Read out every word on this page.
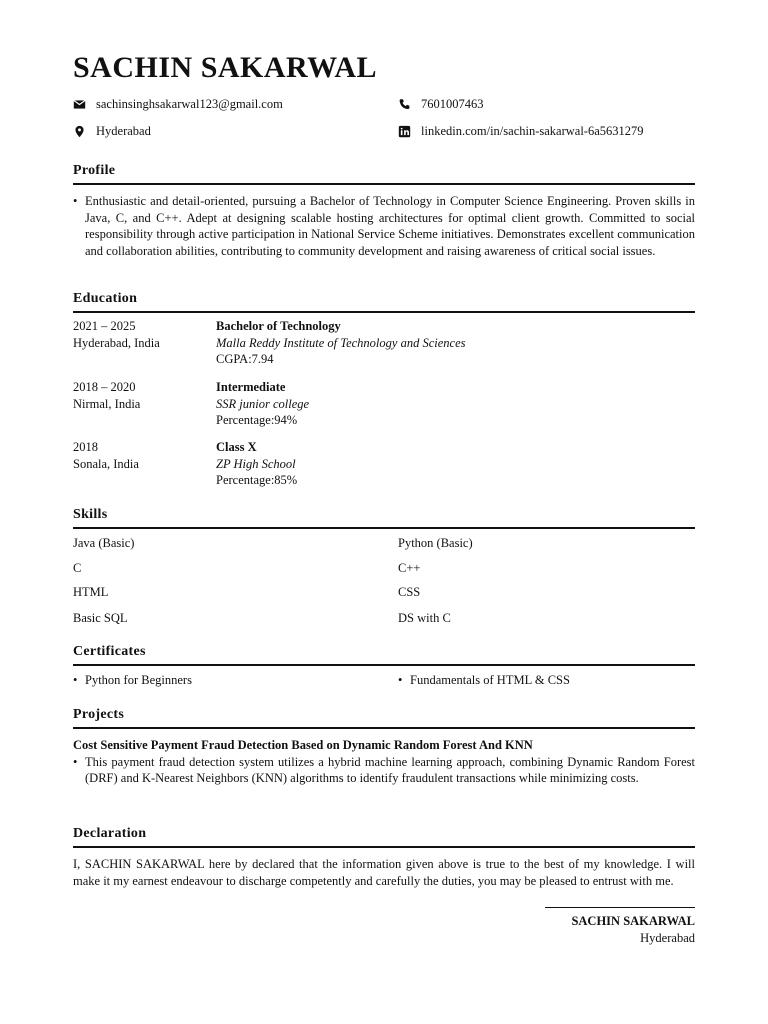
SACHIN SAKARWAL
sachinsinghsakarwal123@gmail.com	7601007463
Hyderabad	linkedin.com/in/sachin-sakarwal-6a5631279
Profile
• Enthusiastic and detail-oriented, pursuing a Bachelor of Technology in Computer Science Engineering. Proven skills in Java, C, and C++. Adept at designing scalable hosting architectures for optimal client growth. Committed to social responsibility through active participation in National Service Scheme initiatives. Demonstrates excellent communication and collaboration abilities, contributing to community development and raising awareness of critical social issues.
Education
2021 – 2025
Hyderabad, India
Bachelor of Technology
Malla Reddy Institute of Technology and Sciences
CGPA:7.94
2018 – 2020
Nirmal, India
Intermediate
SSR junior college
Percentage:94%
2018
Sonala, India
Class X
ZP High School
Percentage:85%
Skills
Java (Basic)	Python (Basic)
C	C++
HTML	CSS
Basic SQL	DS with C
Certificates
• Python for Beginners
•	Fundamentals of HTML & CSS
Projects
Cost Sensitive Payment Fraud Detection Based on Dynamic Random Forest And KNN
• This payment fraud detection system utilizes a hybrid machine learning approach, combining Dynamic Random Forest (DRF) and K-Nearest Neighbors (KNN) algorithms to identify fraudulent transactions while minimizing costs.
Declaration
I, SACHIN SAKARWAL here by declared that the information given above is true to the best of my knowledge. I will make it my earnest endeavour to discharge competently and carefully the duties, you may be pleased to entrust with me.
SACHIN SAKARWAL
Hyderabad
